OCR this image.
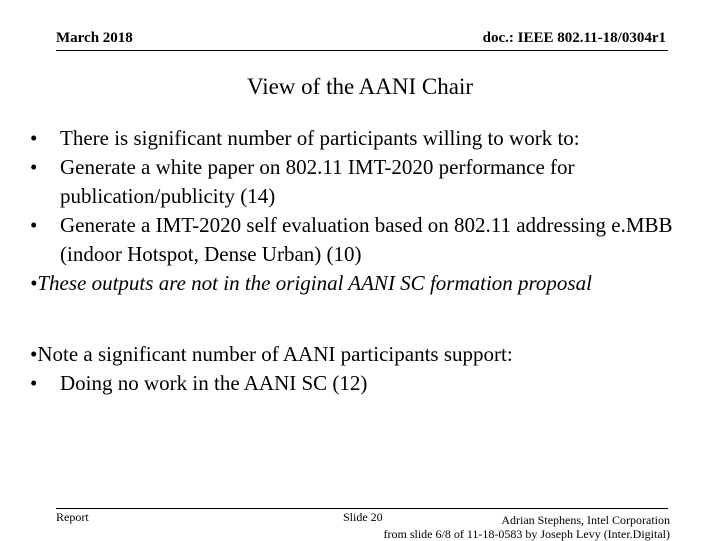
March 2018	doc.: IEEE 802.11-18/0304r1
View of the AANI Chair
• There is significant number of participants willing to work to:
• Generate a white paper on 802.11 IMT-2020 performance for publication/publicity (14)
• Generate a IMT-2020 self evaluation based on 802.11 addressing e.MBB (indoor Hotspot, Dense Urban) (10)
•These outputs are not in the original AANI SC formation proposal
•Note a significant number of AANI participants support:
• Doing no work in the AANI SC (12)
Report	Slide 20	Adrian Stephens, Intel Corporation
from slide 6/8 of 11-18-0583 by Joseph Levy (Inter.Digital)
